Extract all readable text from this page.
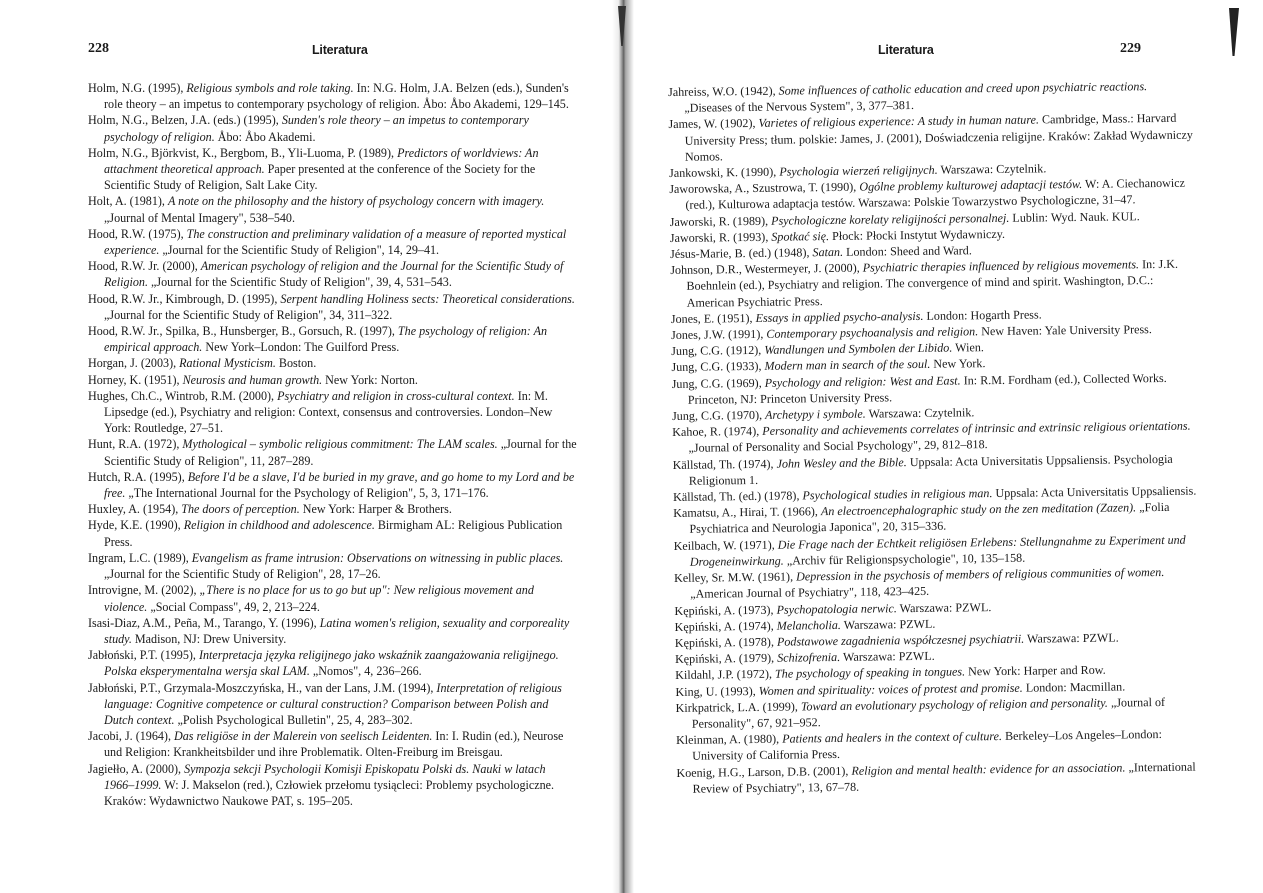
228	Literatura

Holm, N.G. (1995), Religious symbols and role taking. In: N.G. Holm, J.A. Belzen (eds.), Sunden's role theory – an impetus to contemporary psychology of religion. Åbo: Åbo Akademi, 129–145.

Holm, N.G., Belzen, J.A. (eds.) (1995), Sunden's role theory – an impetus to contemporary psychology of religion. Åbo: Åbo Akademi.

Holm, N.G., Björkvist, K., Bergbom, B., Yli-Luoma, P. (1989), Predictors of worldviews: An attachment theoretical approach. Paper presented at the conference of the Society for the Scientific Study of Religion, Salt Lake City.

Holt, A. (1981), A note on the philosophy and the history of psychology concern with imagery. „Journal of Mental Imagery", 538–540.

Hood, R.W. (1975), The construction and preliminary validation of a measure of reported mystical experience. „Journal for the Scientific Study of Religion", 14, 29–41.

Hood, R.W. Jr. (2000), American psychology of religion and the Journal for the Scientific Study of Religion. „Journal for the Scientific Study of Religion", 39, 4, 531–543.

Hood, R.W. Jr., Kimbrough, D. (1995), Serpent handling Holiness sects: Theoretical considerations. „Journal for the Scientific Study of Religion", 34, 311–322.

Hood, R.W. Jr., Spilka, B., Hunsberger, B., Gorsuch, R. (1997), The psychology of religion: An empirical approach. New York–London: The Guilford Press.

Horgan, J. (2003), Rational Mysticism. Boston.

Horney, K. (1951), Neurosis and human growth. New York: Norton.

Hughes, Ch.C., Wintrob, R.M. (2000), Psychiatry and religion in cross-cultural context. In: M. Lipsedge (ed.), Psychiatry and religion: Context, consensus and controversies. London–New York: Routledge, 27–51.

Hunt, R.A. (1972), Mythological – symbolic religious commitment: The LAM scales. „Journal for the Scientific Study of Religion", 11, 287–289.

Hutch, R.A. (1995), Before I'd be a slave, I'd be buried in my grave, and go home to my Lord and be free. „The International Journal for the Psychology of Religion", 5, 3, 171–176.

Huxley, A. (1954), The doors of perception. New York: Harper & Brothers.

Hyde, K.E. (1990), Religion in childhood and adolescence. Birmigham AL: Religious Publication Press.

Ingram, L.C. (1989), Evangelism as frame intrusion: Observations on witnessing in public places. „Journal for the Scientific Study of Religion", 28, 17–26.

Introvigne, M. (2002), „There is no place for us to go but up": New religious movement and violence. „Social Compass", 49, 2, 213–224.

Isasi-Diaz, A.M., Peña, M., Tarango, Y. (1996), Latina women's religion, sexuality and corporeality study. Madison, NJ: Drew University.

Jabłoński, P.T. (1995), Interpretacja języka religijnego jako wskaźnik zaangażowania religijnego. Polska eksperymentalna wersja skal LAM. „Nomos", 4, 236–266.

Jabłoński, P.T., Grzymala-Moszczyńska, H., van der Lans, J.M. (1994), Interpretation of religious language: Cognitive competence or cultural construction? Comparison between Polish and Dutch context. „Polish Psychological Bulletin", 25, 4, 283–302.

Jacobi, J. (1964), Das religiöse in der Malerein von seelisch Leidenten. In: I. Rudin (ed.), Neurose und Religion: Krankheitsbilder und ihre Problematik. Olten-Freiburg im Breisgau.

Jagiełło, A. (2000), Sympozja sekcji Psychologii Komisji Episkopatu Polski ds. Nauki w latach 1966–1999. W: J. Makselon (red.), Człowiek przełomu tysiącleci: Problemy psychologiczne. Kraków: Wydawnictwo Naukowe PAT, s. 195–205.

Literatura	229

Jahreiss, W.O. (1942), Some influences of catholic education and creed upon psychiatric reactions. „Diseases of the Nervous System", 3, 377–381.

James, W. (1902), Varietes of religious experience: A study in human nature. Cambridge, Mass.: Harvard University Press; tłum. polskie: James, J. (2001), Doświadczenia religijne. Kraków: Zakład Wydawniczy Nomos.

Jankowski, K. (1990), Psychologia wierzeń religijnych. Warszawa: Czytelnik.

Jaworowska, A., Szustrowa, T. (1990), Ogólne problemy kulturowej adaptacji testów. W: A. Ciechanowicz (red.), Kulturowa adaptacja testów. Warszawa: Polskie Towarzystwo Psychologiczne, 31–47.

Jaworski, R. (1989), Psychologiczne korelaty religijności personalnej. Lublin: Wyd. Nauk. KUL.

Jaworski, R. (1993), Spotkać się. Płock: Płocki Instytut Wydawniczy.

Jésus-Marie, B. (ed.) (1948), Satan. London: Sheed and Ward.

Johnson, D.R., Westermeyer, J. (2000), Psychiatric therapies influenced by religious movements. In: J.K. Boehnlein (ed.), Psychiatry and religion. The convergence of mind and spirit. Washington, D.C.: American Psychiatric Press.

Jones, E. (1951), Essays in applied psycho-analysis. London: Hogarth Press.

Jones, J.W. (1991), Contemporary psychoanalysis and religion. New Haven: Yale University Press.

Jung, C.G. (1912), Wandlungen und Symbolen der Libido. Wien.

Jung, C.G. (1933), Modern man in search of the soul. New York.

Jung, C.G. (1969), Psychology and religion: West and East. In: R.M. Fordham (ed.), Collected Works. Princeton, NJ: Princeton University Press.

Jung, C.G. (1970), Archetypy i symbole. Warszawa: Czytelnik.

Kahoe, R. (1974), Personality and achievements correlates of intrinsic and extrinsic religious orientations. „Journal of Personality and Social Psychology", 29, 812–818.

Källstad, Th. (1974), John Wesley and the Bible. Uppsala: Acta Universitatis Uppsaliensis. Psychologia Religionum 1.

Källstad, Th. (ed.) (1978), Psychological studies in religious man. Uppsala: Acta Universitatis Uppsaliensis.

Kamatsu, A., Hirai, T. (1966), An electroencephalographic study on the zen meditation (Zazen). „Folia Psychiatrica and Neurologia Japonica", 20, 315–336.

Keilbach, W. (1971), Die Frage nach der Echtkeit religiösen Erlebens: Stellungnahme zu Experiment und Drogeneinwirkung. „Archiv für Religionspsychologie", 10, 135–158.

Kelley, Sr. M.W. (1961), Depression in the psychosis of members of religious communities of women. „American Journal of Psychiatry", 118, 423–425.

Kępiński, A. (1973), Psychopatologia nerwic. Warszawa: PZWL.

Kępiński, A. (1974), Melancholia. Warszawa: PZWL.

Kępiński, A. (1978), Podstawowe zagadnienia współczesnej psychiatrii. Warszawa: PZWL.

Kępiński, A. (1979), Schizofrenia. Warszawa: PZWL.

Kildahl, J.P. (1972), The psychology of speaking in tongues. New York: Harper and Row.

King, U. (1993), Women and spirituality: voices of protest and promise. London: Macmillan.

Kirkpatrick, L.A. (1999), Toward an evolutionary psychology of religion and personality. „Journal of Personality", 67, 921–952.

Kleinman, A. (1980), Patients and healers in the context of culture. Berkeley–Los Angeles–London: University of California Press.

Koenig, H.G., Larson, D.B. (2001), Religion and mental health: evidence for an association. „International Review of Psychiatry", 13, 67–78.
